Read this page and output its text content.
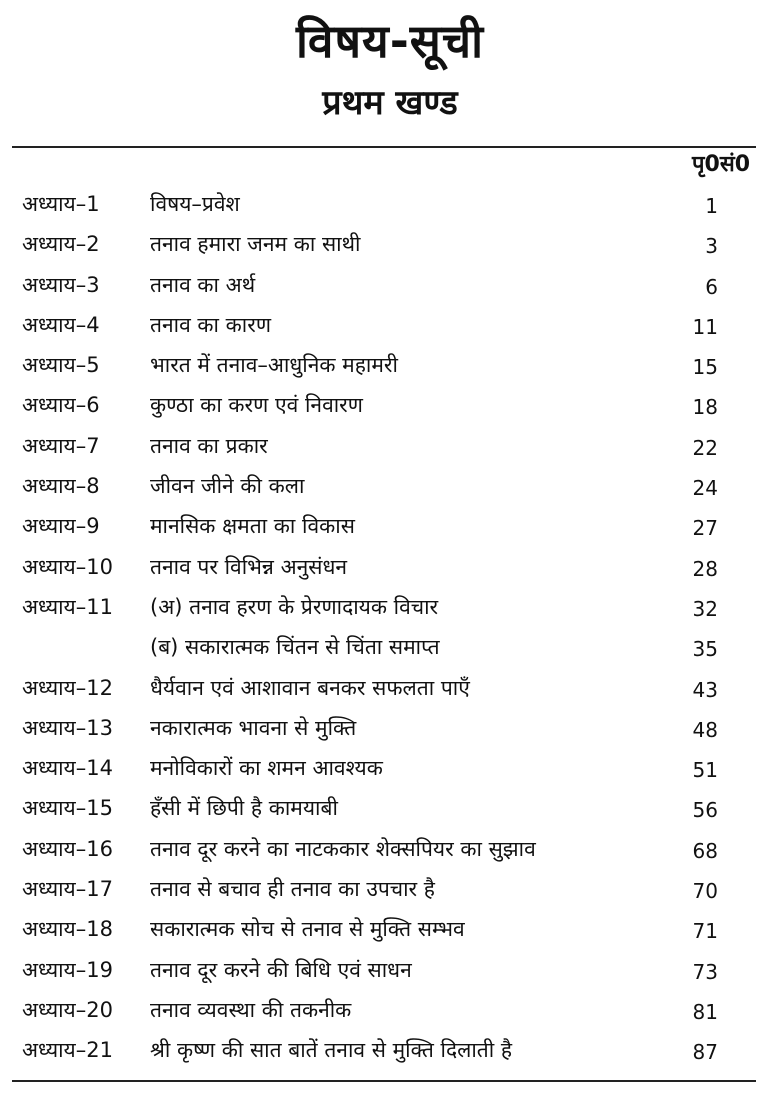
विषय-सूची
प्रथम खण्ड
पृ0सं0
अध्याय–1 विषय–प्रवेश	1
अध्याय–2 तनाव हमारा जनम का साथी	3
अध्याय–3 तनाव का अर्थ	6
अध्याय–4 तनाव का कारण	11
अध्याय–5 भारत में तनाव–आधुनिक महामरी	15
अध्याय–6 कुण्ठा का करण एवं निवारण	18
अध्याय–7 तनाव का प्रकार	22
अध्याय–8 जीवन जीने की कला	24
अध्याय–9 मानसिक क्षमता का विकास	27
अध्याय–10 तनाव पर विभिन्न अनुसंधन	28
अध्याय–11 (अ) तनाव हरण के प्रेरणादायक विचार	32
(ब) सकारात्मक चिंतन से चिंता समाप्त	35
अध्याय–12 धैर्यवान एवं आशावान बनकर सफलता पाएँ	43
अध्याय–13 नकारात्मक भावना से मुक्ति	48
अध्याय–14 मनोविकारों का शमन आवश्यक	51
अध्याय–15 हँसी में छिपी है कामयाबी	56
अध्याय–16 तनाव दूर करने का नाटककार शेक्सपियर का सुझाव	68
अध्याय–17 तनाव से बचाव ही तनाव का उपचार है	70
अध्याय–18 सकारात्मक सोच से तनाव से मुक्ति सम्भव	71
अध्याय–19 तनाव दूर करने की बिधि एवं साधन	73
अध्याय–20 तनाव व्यवस्था की तकनीक	81
अध्याय–21 श्री कृष्ण की सात बातें तनाव से मुक्ति दिलाती है	87
